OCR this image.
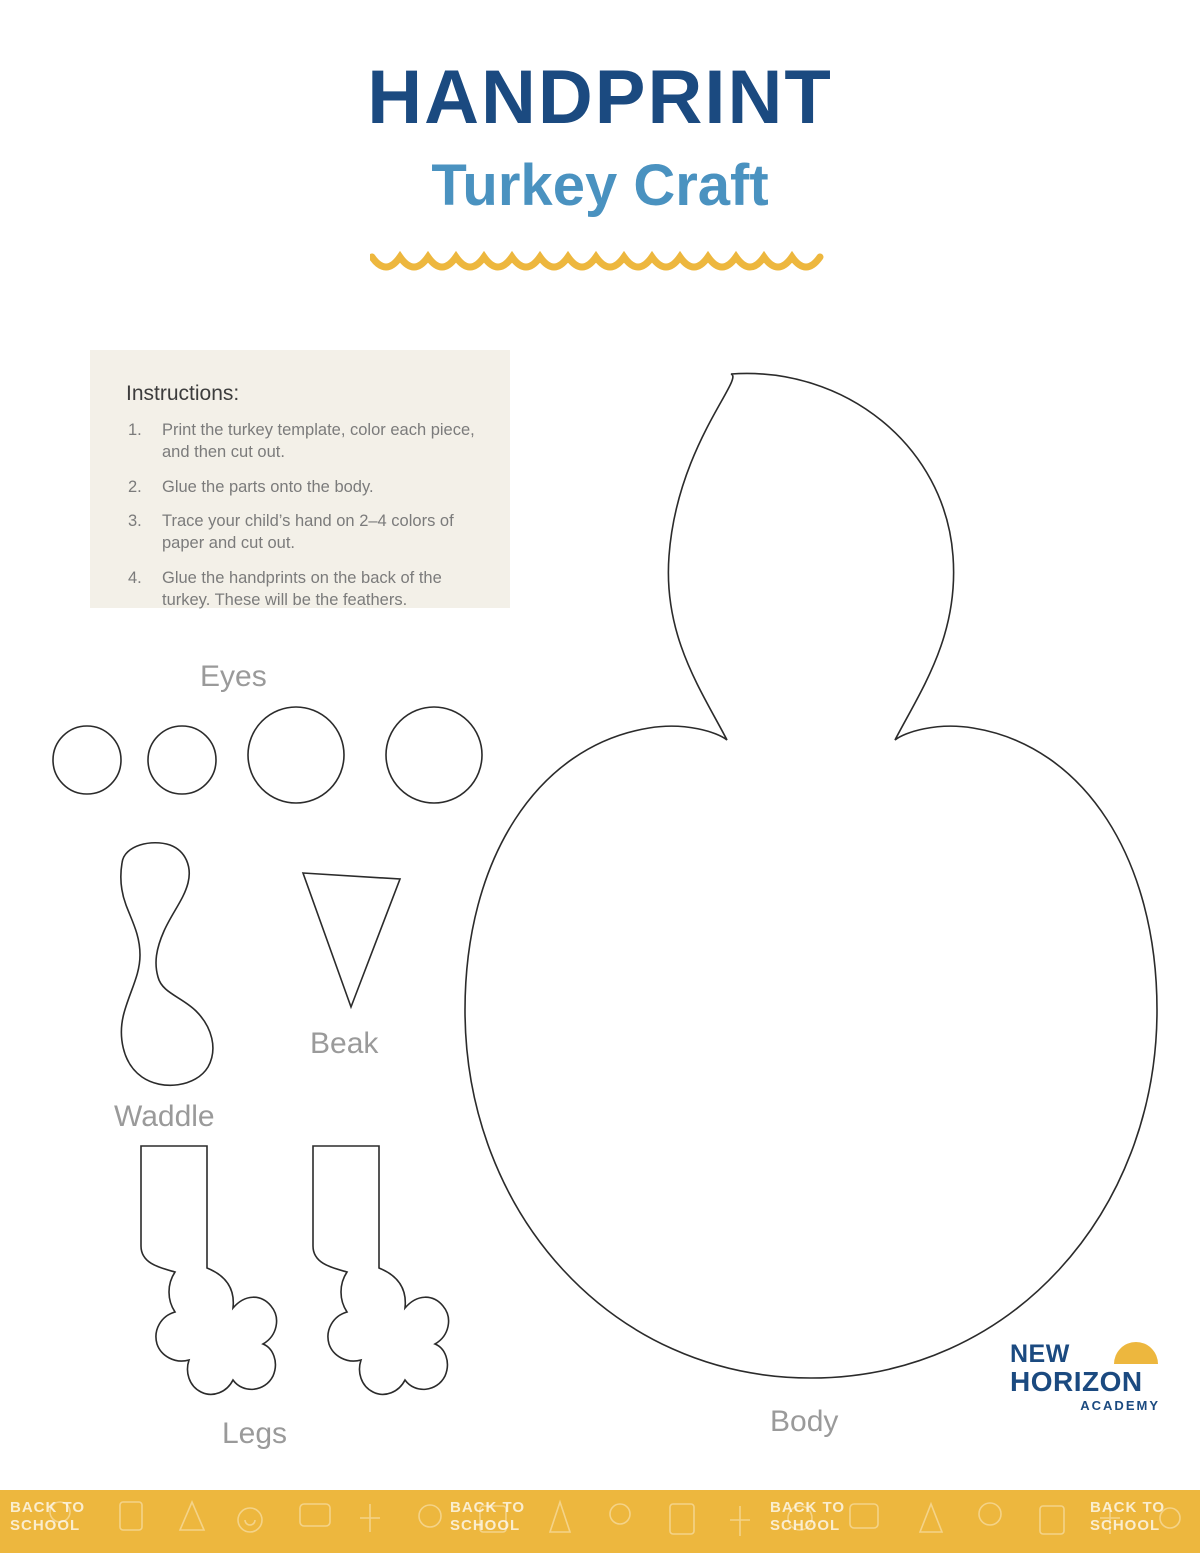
HANDPRINT
Turkey Craft
Instructions:
1. Print the turkey template, color each piece, and then cut out.
2. Glue the parts onto the body.
3. Trace your child’s hand on 2–4 colors of paper and cut out.
4. Glue the handprints on the back of the turkey. These will be the feathers.
Eyes
Waddle
Beak
Legs	Body
NEW
HORIZON
ACADEMY
BACK TO
SCHOOL
BACK TO
SCHOOL
BACK TO
SCHOOL
BACK TO
SCHOOL
